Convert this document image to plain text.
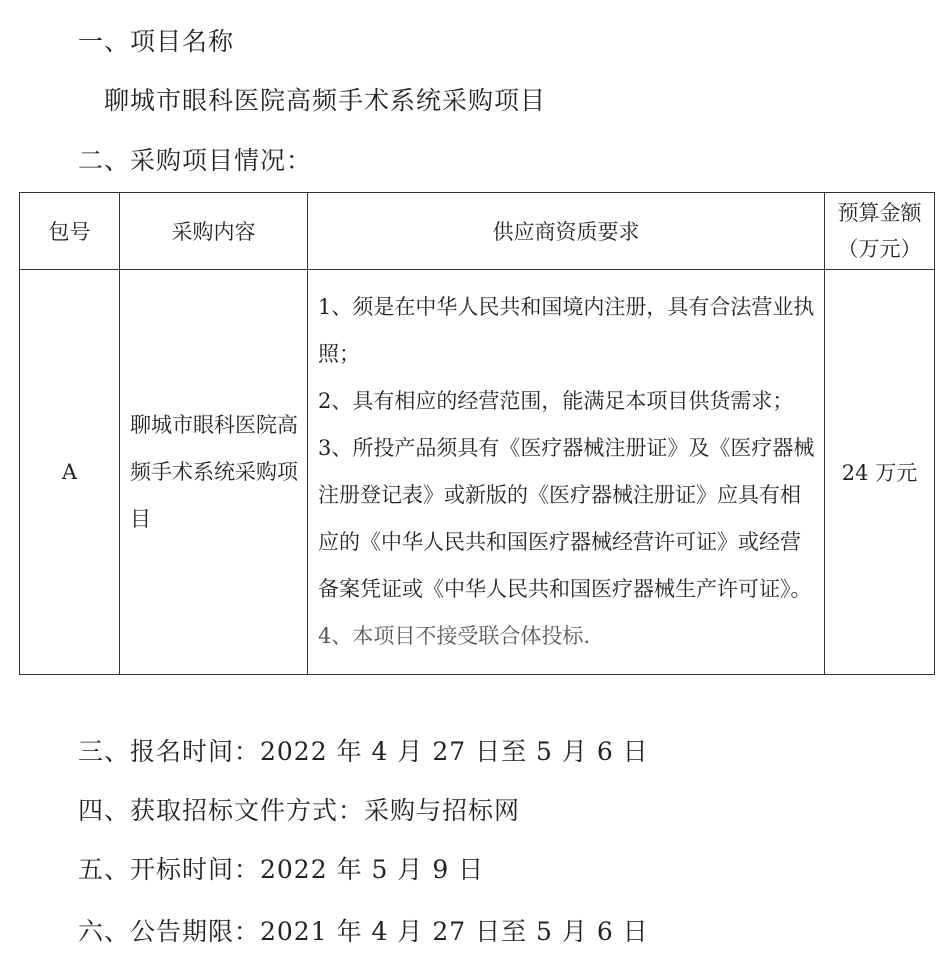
一、项目名称
聊城市眼科医院高频手术系统采购项目
二、采购项目情况：
包号	采购内容	供应商资质要求	预算金额
（万元）

A	聊城市眼科医院高频手术系统采购项目	1、须是在中华人民共和国境内注册，具有合法营业执照；
2、具有相应的经营范围，能满足本项目供货需求；
3、所投产品须具有《医疗器械注册证》及《医疗器械注册登记表》或新版的《医疗器械注册证》应具有相应的《中华人民共和国医疗器械经营许可证》或经营备案凭证或《中华人民共和国医疗器械生产许可证》。
4、本项目不接受联合体投标.	24 万元
三、报名时间：2022 年 4 月 27 日至 5 月 6 日
四、获取招标文件方式：采购与招标网
五、开标时间：2022 年 5 月 9 日
六、公告期限：2021 年 4 月 27 日至 5 月 6 日
